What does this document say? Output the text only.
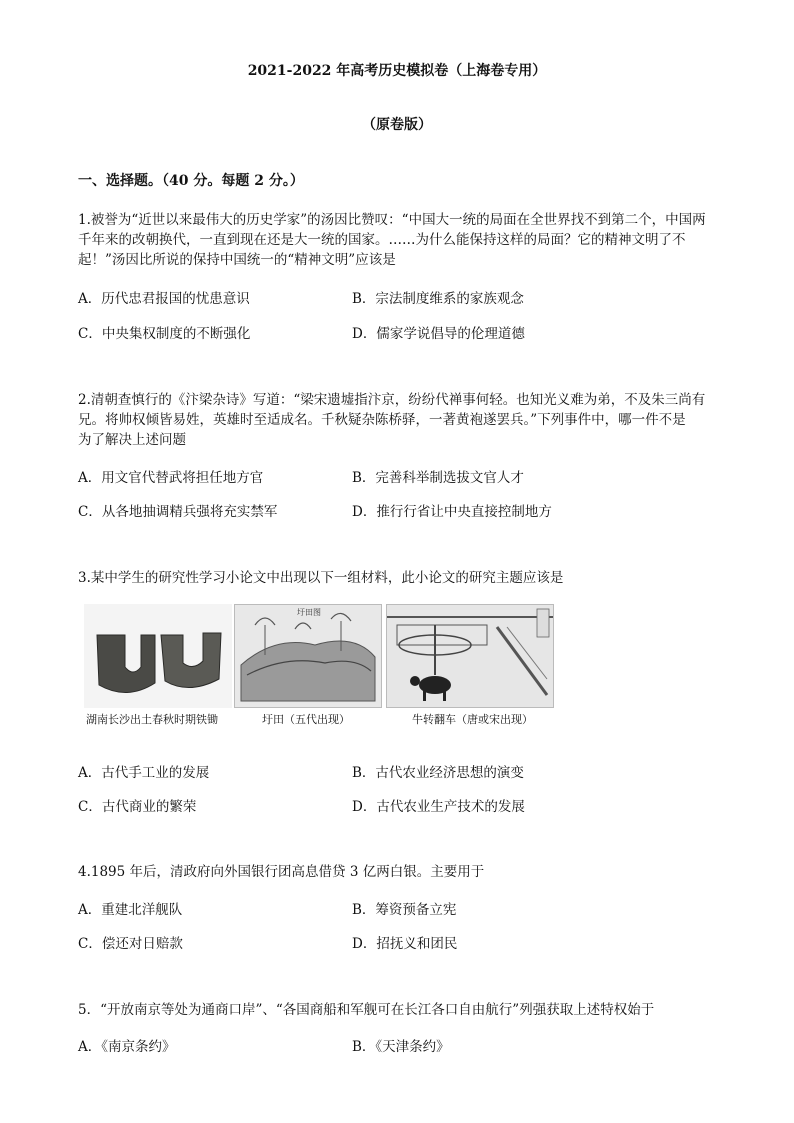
2021-2022 年高考历史模拟卷（上海卷专用）
（原卷版）
一、选择题。（40 分。每题 2 分。）
1.被誉为“近世以来最伟大的历史学家”的汤因比赞叹：“中国大一统的局面在全世界找不到第二个，中国两
千年来的改朝换代，一直到现在还是大一统的国家。……为什么能保持这样的局面？它的精神文明了不
起！”汤因比所说的保持中国统一的“精神文明”应该是
A．历代忠君报国的忧患意识	B．宗法制度维系的家族观念
C．中央集权制度的不断强化	D．儒家学说倡导的伦理道德
2.清朝查慎行的《汴梁杂诗》写道：“梁宋遗墟指汴京，纷纷代禅事何轻。也知光义难为弟，不及朱三尚有
兄。将帅权倾皆易姓，英雄时至适成名。千秋疑杂陈桥驿，一著黄袍遂罢兵。”下列事件中，哪一件不是
为了解决上述问题
A．用文官代替武将担任地方官	B．完善科举制选拔文官人才
C．从各地抽调精兵强将充实禁军	D．推行行省让中央直接控制地方
3.某中学生的研究性学习小论文中出现以下一组材料，此小论文的研究主题应该是
湖南长沙出土春秋时期铁锄
圩田图
圩田（五代出现）	牛转翻车（唐或宋出现）
A．古代手工业的发展	B．古代农业经济思想的演变
C．古代商业的繁荣	D．古代农业生产技术的发展
4.1895 年后，清政府向外国银行团高息借贷 3 亿两白银。主要用于
A．重建北洋舰队	B．筹资预备立宪
C．偿还对日赔款	D．招抚义和团民
5．“开放南京等处为通商口岸”、“各国商船和军舰可在长江各口自由航行”列强获取上述特权始于
A．《南京条约》	B．《天津条约》
